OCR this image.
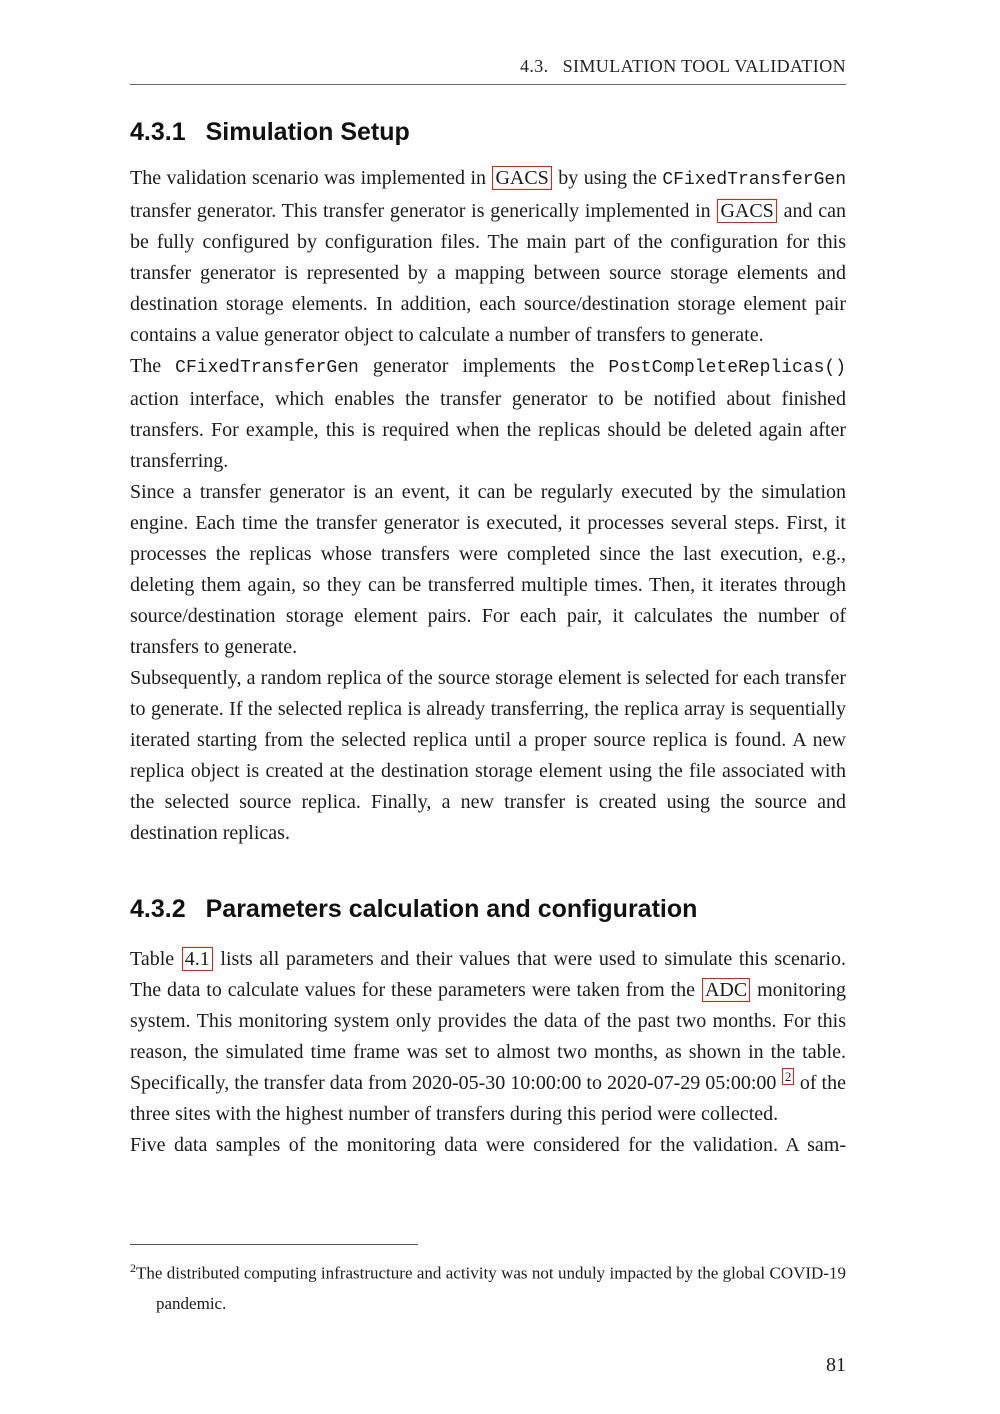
4.3. SIMULATION TOOL VALIDATION
4.3.1 Simulation Setup

The validation scenario was implemented in GACS by using the CFixedTransferGen transfer generator. This transfer generator is generically implemented in GACS and can be fully configured by configuration files. The main part of the configuration for this transfer generator is represented by a mapping between source storage elements and destination storage elements. In addition, each source/destination storage element pair contains a value generator object to calculate a number of transfers to generate.

The CFixedTransferGen generator implements the PostCompleteReplicas() action interface, which enables the transfer generator to be notified about finished transfers. For example, this is required when the replicas should be deleted again after transferring.

Since a transfer generator is an event, it can be regularly executed by the simulation engine. Each time the transfer generator is executed, it processes several steps. First, it processes the replicas whose transfers were completed since the last execution, e.g., deleting them again, so they can be transferred multiple times. Then, it iterates through source/destination storage element pairs. For each pair, it calculates the number of transfers to generate.

Subsequently, a random replica of the source storage element is selected for each transfer to generate. If the selected replica is already transferring, the replica array is sequentially iterated starting from the selected replica until a proper source replica is found. A new replica object is created at the destination storage element using the file associated with the selected source replica. Finally, a new transfer is created using the source and destination replicas.

4.3.2 Parameters calculation and configuration

Table 4.1 lists all parameters and their values that were used to simulate this scenario. The data to calculate values for these parameters were taken from the ADC monitoring system. This monitoring system only provides the data of the past two months. For this reason, the simulated time frame was set to almost two months, as shown in the table. Specifically, the transfer data from 2020-05-30 10:00:00 to 2020-07-29 05:00:00 $^2$ of the three sites with the highest number of transfers during this period were collected.

Five data samples of the monitoring data were considered for the validation. A sam-

$^2$The distributed computing infrastructure and activity was not unduly impacted by the global COVID-19 pandemic.
81
